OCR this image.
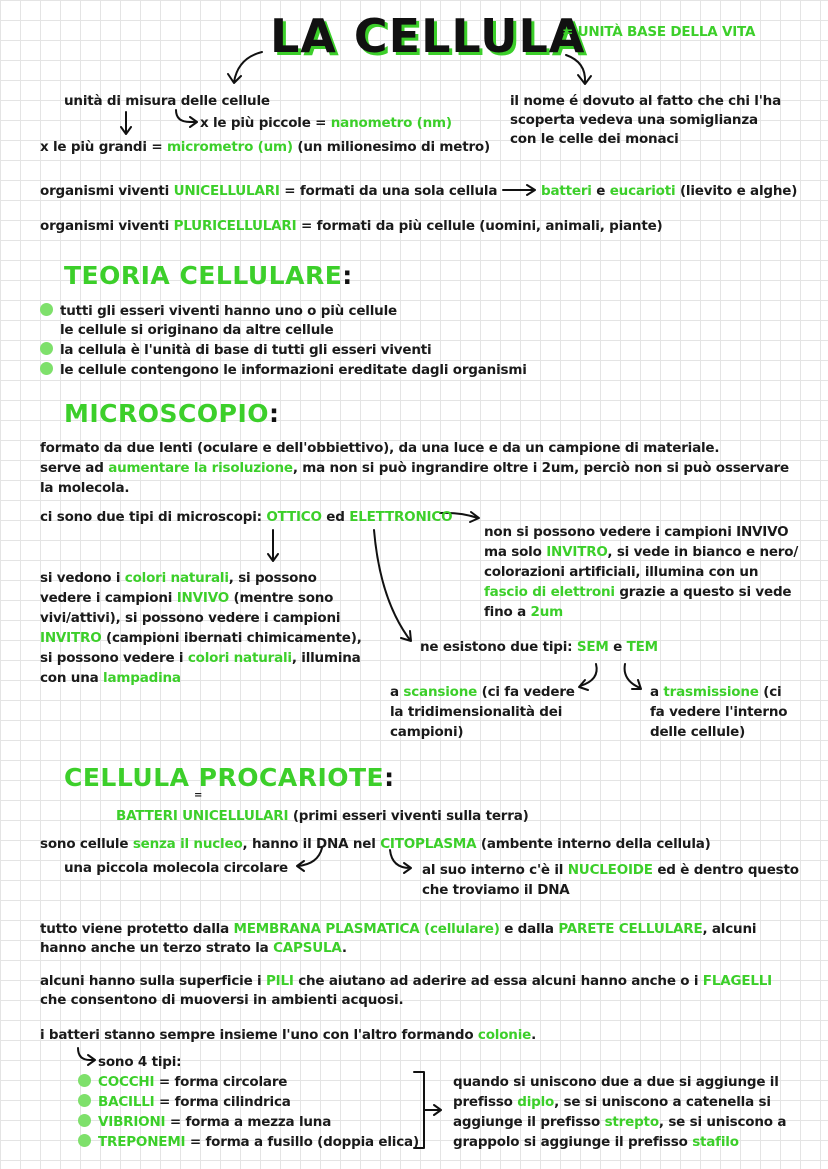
LA CELLULA
= UNITÀ BASE DELLA VITA
unità di misura delle cellule
x le più piccole = nanometro (nm)
x le più grandi = micrometro (um) (un milionesimo di metro)
il nome é dovuto al fatto che chi l'ha
scoperta vedeva una somiglianza
con le celle dei monaci
organismi viventi UNICELLULARI = formati da una sola cellula	batteri e eucarioti (lievito e alghe)
organismi viventi PLURICELLULARI = formati da più cellule (uomini, animali, piante)
TEORIA CELLULARE:
tutti gli esseri viventi hanno uno o più cellule
le cellule si originano da altre cellule
la cellula è l'unità di base di tutti gli esseri viventi
le cellule contengono le informazioni ereditate dagli organismi
MICROSCOPIO:
formato da due lenti (oculare e dell'obbiettivo), da una luce e da un campione di materiale.
serve ad aumentare la risoluzione, ma non si può ingrandire oltre i 2um, perciò non si può osservare
la molecola.
ci sono due tipi di microscopi: OTTICO ed ELETTRONICO
si vedono i colori naturali, si possono
vedere i campioni INVIVO (mentre sono
vivi/attivi), si possono vedere i campioni
INVITRO (campioni ibernati chimicamente),
si possono vedere i colori naturali, illumina
con una lampadina
non si possono vedere i campioni INVIVO
ma solo INVITRO, si vede in bianco e nero/
colorazioni artificiali, illumina con un
fascio di elettroni grazie a questo si vede
fino a 2um
ne esistono due tipi: SEM e TEM
a scansione (ci fa vedere
la tridimensionalità dei
campioni)
a trasmissione (ci
fa vedere l'interno
delle cellule)
CELLULA PROCARIOTE:
=
BATTERI UNICELLULARI (primi esseri viventi sulla terra)
sono cellule senza il nucleo, hanno il DNA nel CITOPLASMA (ambente interno della cellula)
una piccola molecola circolare	al suo interno c'è il NUCLEOIDE ed è dentro questo
che troviamo il DNA
tutto viene protetto dalla MEMBRANA PLASMATICA (cellulare) e dalla PARETE CELLULARE, alcuni
hanno anche un terzo strato la CAPSULA.
alcuni hanno sulla superficie i PILI che aiutano ad aderire ad essa alcuni hanno anche o i FLAGELLI
che consentono di muoversi in ambienti acquosi.
i batteri stanno sempre insieme l'uno con l'altro formando colonie.
sono 4 tipi:
COCCHI = forma circolare
BACILLI = forma cilindrica
VIBRIONI = forma a mezza luna
TREPONEMI = forma a fusillo (doppia elica)
quando si uniscono due a due si aggiunge il
prefisso diplo, se si uniscono a catenella si
aggiunge il prefisso strepto, se si uniscono a
grappolo si aggiunge il prefisso stafilo
